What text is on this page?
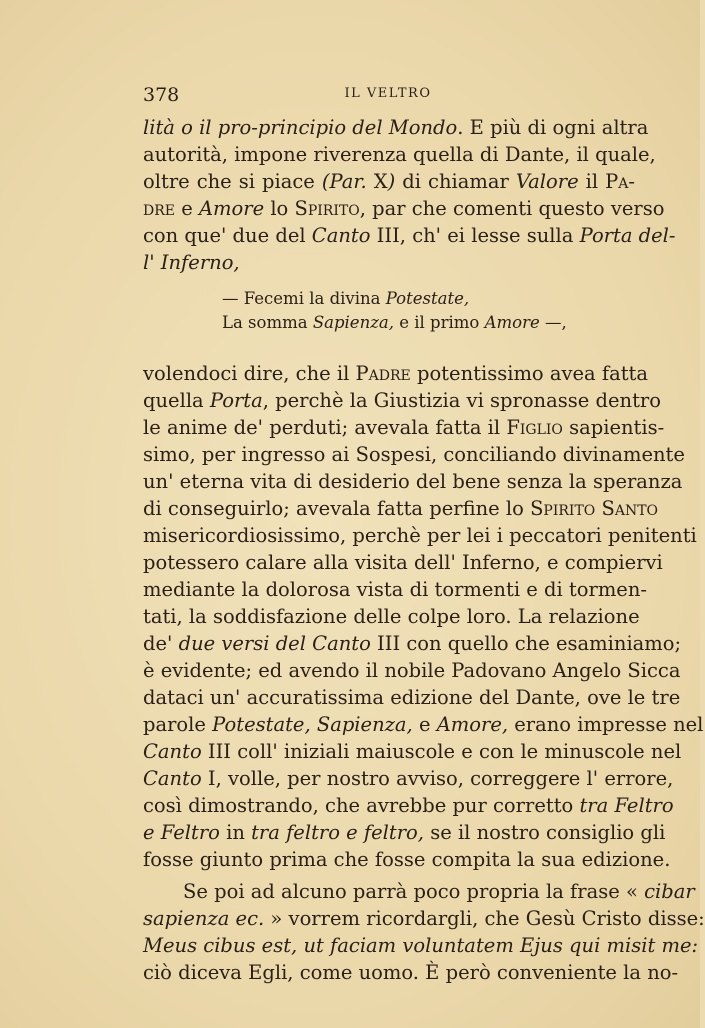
378	IL VELTRO
lità o il pro-principio del Mondo. E più di ogni altra
autorità, impone riverenza quella di Dante, il quale,
oltre che si piace (Par. X) di chiamar Valore il Pa-
dre e Amore lo Spirito, par che comenti questo verso
con que' due del Canto III, ch' ei lesse sulla Porta del-
l' Inferno,
— Fecemi la divina Potestate,
La somma Sapienza, e il primo Amore —,
volendoci dire, che il Padre potentissimo avea fatta
quella Porta, perchè la Giustizia vi spronasse dentro
le anime de' perduti; avevala fatta il Figlio sapientis-
simo, per ingresso ai Sospesi, conciliando divinamente
un' eterna vita di desiderio del bene senza la speranza
di conseguirlo; avevala fatta perfine lo Spirito Santo
misericordiosissimo, perchè per lei i peccatori penitenti
potessero calare alla visita dell' Inferno, e compiervi
mediante la dolorosa vista di tormenti e di tormen-
tati, la soddisfazione delle colpe loro. La relazione
de' due versi del Canto III con quello che esaminiamo;
è evidente; ed avendo il nobile Padovano Angelo Sicca
dataci un' accuratissima edizione del Dante, ove le tre
parole Potestate, Sapienza, e Amore, erano impresse nel
Canto III coll' iniziali maiuscole e con le minuscole nel
Canto I, volle, per nostro avviso, correggere l' errore,
così dimostrando, che avrebbe pur corretto tra Feltro
e Feltro in tra feltro e feltro, se il nostro consiglio gli
fosse giunto prima che fosse compita la sua edizione.
Se poi ad alcuno parrà poco propria la frase « cibar
sapienza ec. » vorrem ricordargli, che Gesù Cristo disse:
Meus cibus est, ut faciam voluntatem Ejus qui misit me:
ciò diceva Egli, come uomo. È però conveniente la no-
